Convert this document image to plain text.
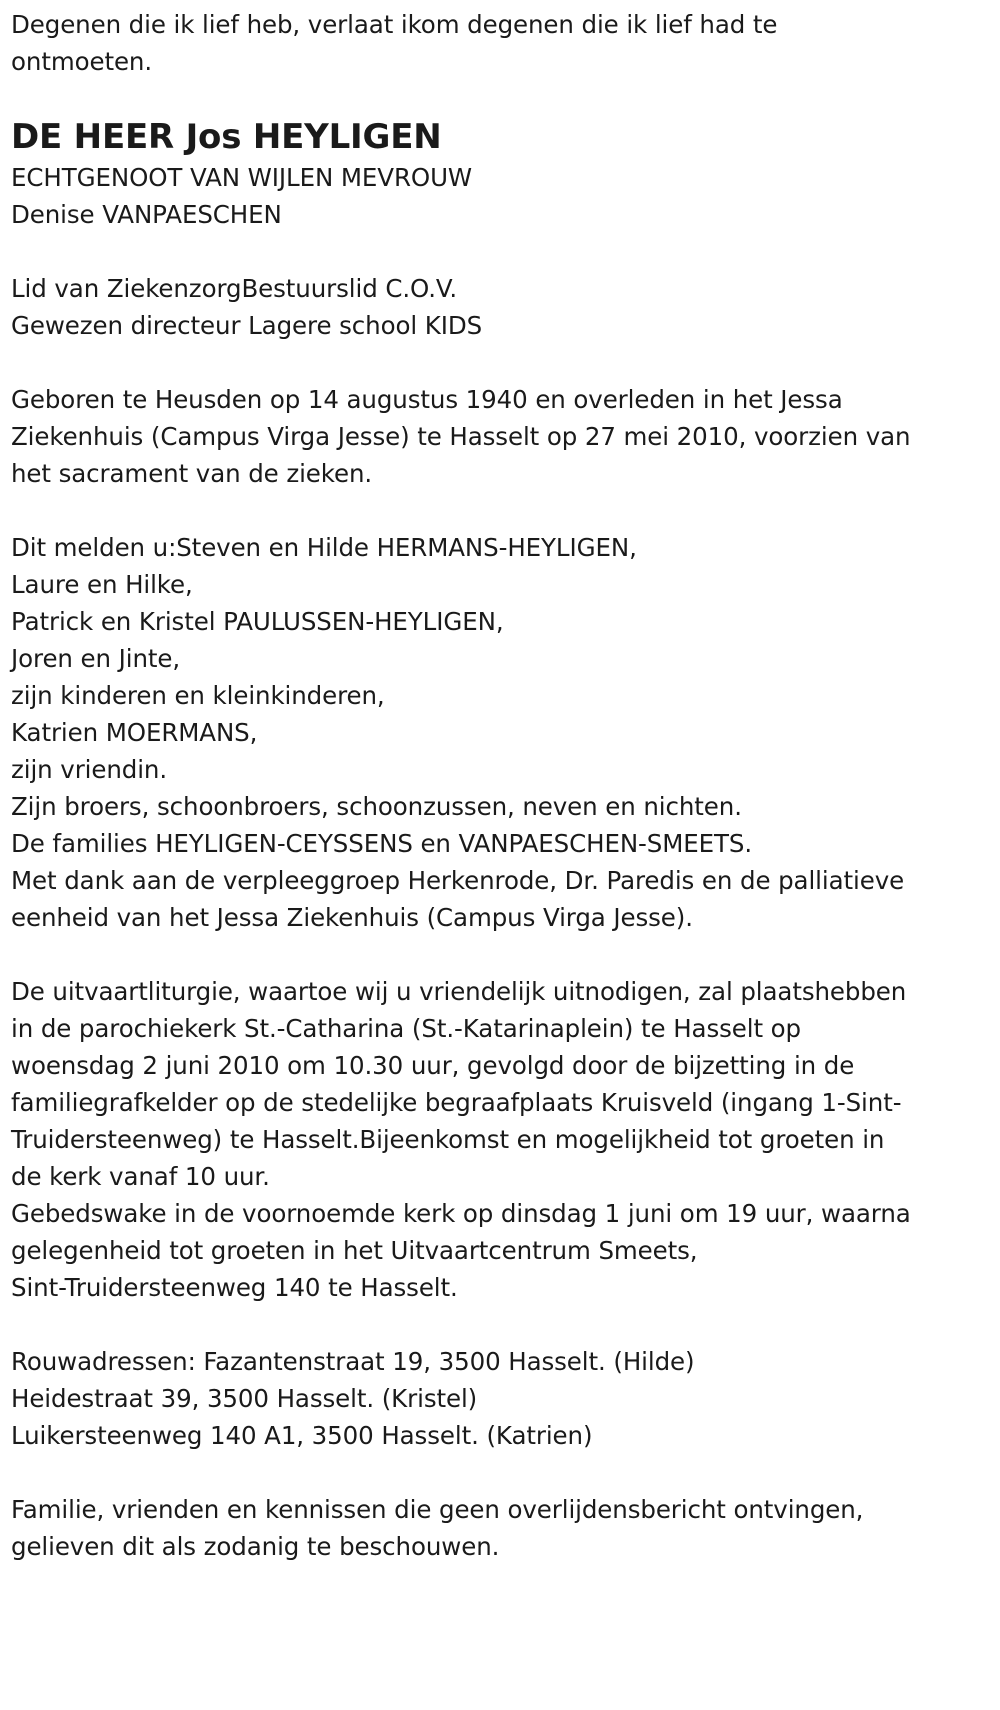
Degenen die ik lief heb, verlaat ikom degenen die ik lief had te
ontmoeten.
DE HEER Jos HEYLIGEN
ECHTGENOOT VAN WIJLEN MEVROUW
Denise VANPAESCHEN
Lid van ZiekenzorgBestuurslid C.O.V.
Gewezen directeur Lagere school KIDS
Geboren te Heusden op 14 augustus 1940 en overleden in het Jessa
Ziekenhuis (Campus Virga Jesse) te Hasselt op 27 mei 2010, voorzien van
het sacrament van de zieken.
Dit melden u:Steven en Hilde HERMANS-HEYLIGEN,
Laure en Hilke,
Patrick en Kristel PAULUSSEN-HEYLIGEN,
Joren en Jinte,
zijn kinderen en kleinkinderen,
Katrien MOERMANS,
zijn vriendin.
Zijn broers, schoonbroers, schoonzussen, neven en nichten.
De families HEYLIGEN-CEYSSENS en VANPAESCHEN-SMEETS.
Met dank aan de verpleeggroep Herkenrode, Dr. Paredis en de palliatieve
eenheid van het Jessa Ziekenhuis (Campus Virga Jesse).
De uitvaartliturgie, waartoe wij u vriendelijk uitnodigen, zal plaatshebben
in de parochiekerk St.-Catharina (St.-Katarinaplein) te Hasselt op
woensdag 2 juni 2010 om 10.30 uur, gevolgd door de bijzetting in de
familiegrafkelder op de stedelijke begraafplaats Kruisveld (ingang 1-Sint-
Truidersteenweg) te Hasselt.Bijeenkomst en mogelijkheid tot groeten in
de kerk vanaf 10 uur.
Gebedswake in de voornoemde kerk op dinsdag 1 juni om 19 uur, waarna
gelegenheid tot groeten in het Uitvaartcentrum Smeets,
Sint-Truidersteenweg 140 te Hasselt.
Rouwadressen: Fazantenstraat 19, 3500 Hasselt. (Hilde)
Heidestraat 39, 3500 Hasselt. (Kristel)
Luikersteenweg 140 A1, 3500 Hasselt. (Katrien)
Familie, vrienden en kennissen die geen overlijdensbericht ontvingen,
gelieven dit als zodanig te beschouwen.
